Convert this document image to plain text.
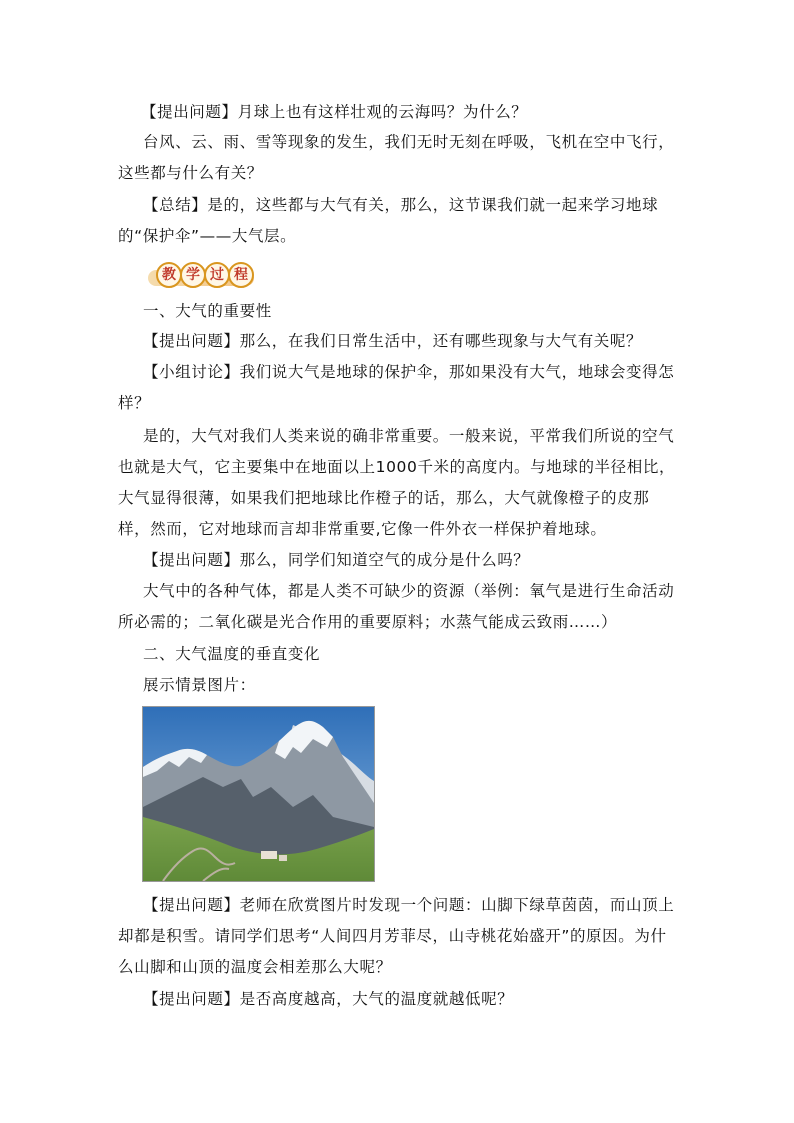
【提出问题】月球上也有这样壮观的云海吗？为什么？

台风、云、雨、雪等现象的发生，我们无时无刻在呼吸，飞机在空中飞行，这些都与什么有关？

【总结】是的，这些都与大气有关，那么，这节课我们就一起来学习地球的“保护伞”——大气层。

教 学 过 程

一、大气的重要性

【提出问题】那么，在我们日常生活中，还有哪些现象与大气有关呢？

【小组讨论】我们说大气是地球的保护伞，那如果没有大气，地球会变得怎样？

是的，大气对我们人类来说的确非常重要。一般来说，平常我们所说的空气也就是大气，它主要集中在地面以上1000千米的高度内。与地球的半径相比，大气显得很薄，如果我们把地球比作橙子的话，那么，大气就像橙子的皮那样，然而，它对地球而言却非常重要,它像一件外衣一样保护着地球。

【提出问题】那么，同学们知道空气的成分是什么吗？

大气中的各种气体，都是人类不可缺少的资源（举例：氧气是进行生命活动所必需的；二氧化碳是光合作用的重要原料；水蒸气能成云致雨……）

二、大气温度的垂直变化

展示情景图片：

【提出问题】老师在欣赏图片时发现一个问题：山脚下绿草茵茵，而山顶上却都是积雪。请同学们思考“人间四月芳菲尽，山寺桃花始盛开”的原因。为什么山脚和山顶的温度会相差那么大呢？

【提出问题】是否高度越高，大气的温度就越低呢？
